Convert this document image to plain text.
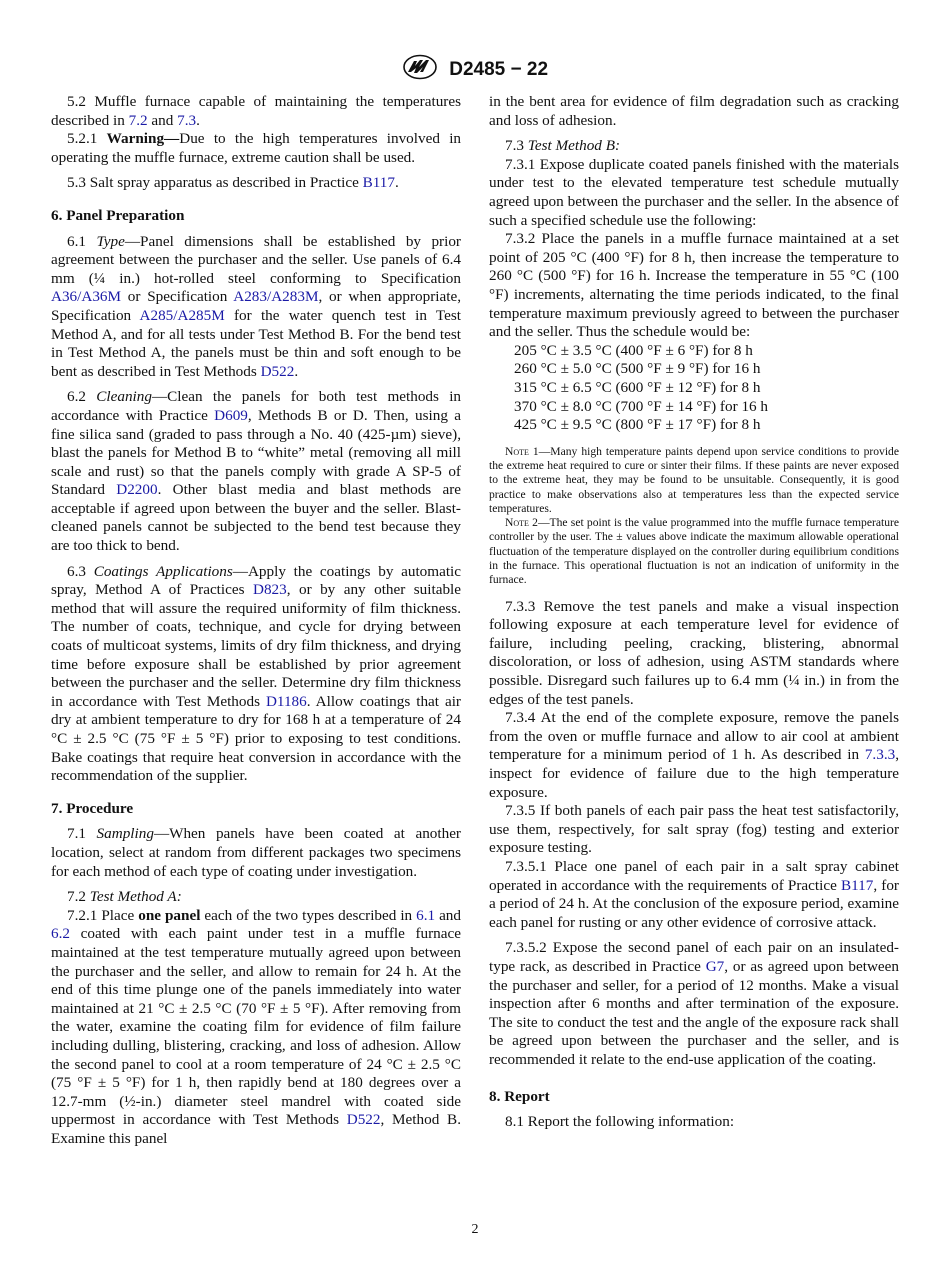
D2485 − 22

5.2 Muffle furnace capable of maintaining the temperatures described in 7.2 and 7.3.

5.2.1 Warning—Due to the high temperatures involved in operating the muffle furnace, extreme caution shall be used.

5.3 Salt spray apparatus as described in Practice B117.

6. Panel Preparation

6.1 Type—Panel dimensions shall be established by prior agreement between the purchaser and the seller. Use panels of 6.4 mm (¼ in.) hot-rolled steel conforming to Specification A36/A36M or Specification A283/A283M, or when appropriate, Specification A285/A285M for the water quench test in Test Method A, and for all tests under Test Method B. For the bend test in Test Method A, the panels must be thin and soft enough to be bent as described in Test Methods D522.

6.2 Cleaning—Clean the panels for both test methods in accordance with Practice D609, Methods B or D. Then, using a fine silica sand (graded to pass through a No. 40 (425-µm) sieve), blast the panels for Method B to “white” metal (removing all mill scale and rust) so that the panels comply with grade A SP-5 of Standard D2200. Other blast media and blast methods are acceptable if agreed upon between the buyer and the seller. Blast-cleaned panels cannot be subjected to the bend test because they are too thick to bend.

6.3 Coatings Applications—Apply the coatings by automatic spray, Method A of Practices D823, or by any other suitable method that will assure the required uniformity of film thickness. The number of coats, technique, and cycle for drying between coats of multicoat systems, limits of dry film thickness, and drying time before exposure shall be established by prior agreement between the purchaser and the seller. Determine dry film thickness in accordance with Test Methods D1186. Allow coatings that air dry at ambient temperature to dry for 168 h at a temperature of 24 °C ± 2.5 °C (75 °F ± 5 °F) prior to exposing to test conditions. Bake coatings that require heat conversion in accordance with the recommendation of the supplier.

7. Procedure

7.1 Sampling—When panels have been coated at another location, select at random from different packages two specimens for each method of each type of coating under investigation.

7.2 Test Method A:

7.2.1 Place one panel each of the two types described in 6.1 and 6.2 coated with each paint under test in a muffle furnace maintained at the test temperature mutually agreed upon between the purchaser and the seller, and allow to remain for 24 h. At the end of this time plunge one of the panels immediately into water maintained at 21 °C ± 2.5 °C (70 °F ± 5 °F). After removing from the water, examine the coating film for evidence of film failure including dulling, blistering, cracking, and loss of adhesion. Allow the second panel to cool at a room temperature of 24 °C ± 2.5 °C (75 °F ± 5 °F) for 1 h, then rapidly bend at 180 degrees over a 12.7-mm (½-in.) diameter steel mandrel with coated side uppermost in accordance with Test Methods D522, Method B. Examine this panel

in the bent area for evidence of film degradation such as cracking and loss of adhesion.

7.3 Test Method B:

7.3.1 Expose duplicate coated panels finished with the materials under test to the elevated temperature test schedule mutually agreed upon between the purchaser and the seller. In the absence of such a specified schedule use the following:

7.3.2 Place the panels in a muffle furnace maintained at a set point of 205 °C (400 °F) for 8 h, then increase the temperature to 260 °C (500 °F) for 16 h. Increase the temperature in 55 °C (100 °F) increments, alternating the time periods indicated, to the final temperature maximum previously agreed to between the purchaser and the seller. Thus the schedule would be:

205 °C ± 3.5 °C (400 °F ± 6 °F) for 8 h
260 °C ± 5.0 °C (500 °F ± 9 °F) for 16 h
315 °C ± 6.5 °C (600 °F ± 12 °F) for 8 h
370 °C ± 8.0 °C (700 °F ± 14 °F) for 16 h
425 °C ± 9.5 °C (800 °F ± 17 °F) for 8 h

Note 1—Many high temperature paints depend upon service conditions to provide the extreme heat required to cure or sinter their films. If these paints are never exposed to the extreme heat, they may be found to be unsuitable. Consequently, it is good practice to make observations also at temperatures less than the expected service temperatures.

Note 2—The set point is the value programmed into the muffle furnace temperature controller by the user. The ± values above indicate the maximum allowable operational fluctuation of the temperature displayed on the controller during equilibrium conditions in the furnace. This operational fluctuation is not an indication of uniformity in the furnace.

7.3.3 Remove the test panels and make a visual inspection following exposure at each temperature level for evidence of failure, including peeling, cracking, blistering, abnormal discoloration, or loss of adhesion, using ASTM standards where possible. Disregard such failures up to 6.4 mm (¼ in.) in from the edges of the test panels.

7.3.4 At the end of the complete exposure, remove the panels from the oven or muffle furnace and allow to air cool at ambient temperature for a minimum period of 1 h. As described in 7.3.3, inspect for evidence of failure due to the high temperature exposure.

7.3.5 If both panels of each pair pass the heat test satisfactorily, use them, respectively, for salt spray (fog) testing and exterior exposure testing.

7.3.5.1 Place one panel of each pair in a salt spray cabinet operated in accordance with the requirements of Practice B117, for a period of 24 h. At the conclusion of the exposure period, examine each panel for rusting or any other evidence of corrosive attack.

7.3.5.2 Expose the second panel of each pair on an insulated-type rack, as described in Practice G7, or as agreed upon between the purchaser and seller, for a period of 12 months. Make a visual inspection after 6 months and after termination of the exposure. The site to conduct the test and the angle of the exposure rack shall be agreed upon between the purchaser and the seller, and is recommended it relate to the end-use application of the coating.

8. Report

8.1 Report the following information:

2
